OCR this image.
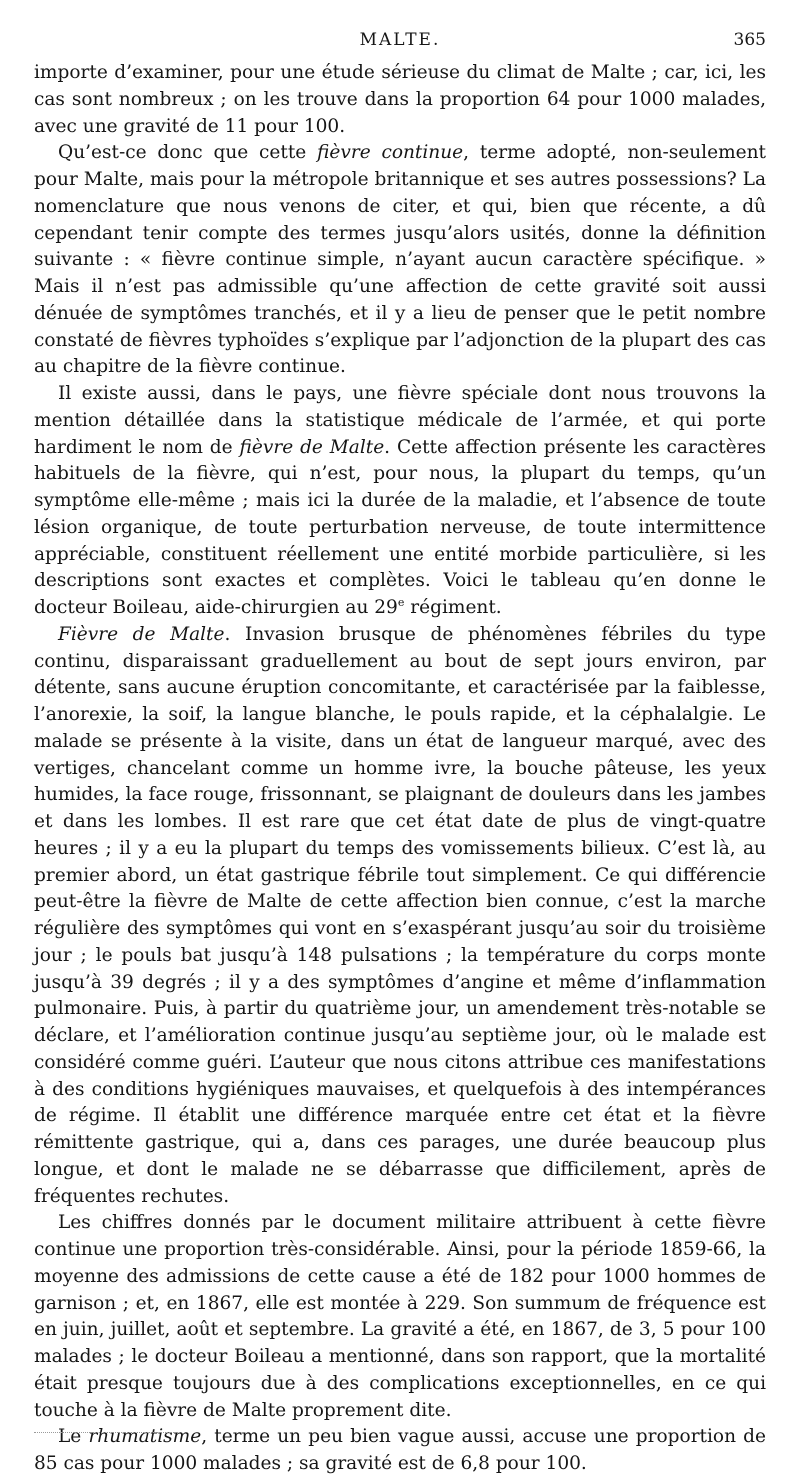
MALTE.	365

importe d’examiner, pour une étude sérieuse du climat de Malte ; car, ici, les cas sont nombreux ; on les trouve dans la proportion 64 pour 1000 malades, avec une gravité de 11 pour 100.

Qu’est-ce donc que cette fièvre continue, terme adopté, non-seulement pour Malte, mais pour la métropole britannique et ses autres possessions? La nomenclature que nous venons de citer, et qui, bien que récente, a dû cependant tenir compte des termes jusqu’alors usités, donne la définition suivante : « fièvre continue simple, n’ayant aucun caractère spécifique. » Mais il n’est pas admissible qu’une affection de cette gravité soit aussi dénuée de symptômes tranchés, et il y a lieu de penser que le petit nombre constaté de fièvres typhoïdes s’explique par l’adjonction de la plupart des cas au chapitre de la fièvre continue.

Il existe aussi, dans le pays, une fièvre spéciale dont nous trouvons la mention détaillée dans la statistique médicale de l’armée, et qui porte hardiment le nom de fièvre de Malte. Cette affection présente les caractères habituels de la fièvre, qui n’est, pour nous, la plupart du temps, qu’un symptôme elle-même ; mais ici la durée de la maladie, et l’absence de toute lésion organique, de toute perturbation nerveuse, de toute intermittence appréciable, constituent réellement une entité morbide particulière, si les descriptions sont exactes et complètes. Voici le tableau qu’en donne le docteur Boileau, aide-chirurgien au 29e régiment.

Fièvre de Malte. Invasion brusque de phénomènes fébriles du type continu, disparaissant graduellement au bout de sept jours environ, par détente, sans aucune éruption concomitante, et caractérisée par la faiblesse, l’anorexie, la soif, la langue blanche, le pouls rapide, et la céphalalgie. Le malade se présente à la visite, dans un état de langueur marqué, avec des vertiges, chancelant comme un homme ivre, la bouche pâteuse, les yeux humides, la face rouge, frissonnant, se plaignant de douleurs dans les jambes et dans les lombes. Il est rare que cet état date de plus de vingt-quatre heures ; il y a eu la plupart du temps des vomissements bilieux. C’est là, au premier abord, un état gastrique fébrile tout simplement. Ce qui différencie peut-être la fièvre de Malte de cette affection bien connue, c’est la marche régulière des symptômes qui vont en s’exaspérant jusqu’au soir du troisième jour ; le pouls bat jusqu’à 148 pulsations ; la température du corps monte jusqu’à 39 degrés ; il y a des symptômes d’angine et même d’inflammation pulmonaire. Puis, à partir du quatrième jour, un amendement très-notable se déclare, et l’amélioration continue jusqu’au septième jour, où le malade est considéré comme guéri. L’auteur que nous citons attribue ces manifestations à des conditions hygiéniques mauvaises, et quelquefois à des intempérances de régime. Il établit une différence marquée entre cet état et la fièvre rémittente gastrique, qui a, dans ces parages, une durée beaucoup plus longue, et dont le malade ne se débarrasse que difficilement, après de fréquentes rechutes.

Les chiffres donnés par le document militaire attribuent à cette fièvre continue une proportion très-considérable. Ainsi, pour la période 1859-66, la moyenne des admissions de cette cause a été de 182 pour 1000 hommes de garnison ; et, en 1867, elle est montée à 229. Son summum de fréquence est en juin, juillet, août et septembre. La gravité a été, en 1867, de 3, 5 pour 100 malades ; le docteur Boileau a mentionné, dans son rapport, que la mortalité était presque toujours due à des complications exceptionnelles, en ce qui touche à la fièvre de Malte proprement dite.

Le rhumatisme, terme un peu bien vague aussi, accuse une proportion de 85 cas pour 1000 malades ; sa gravité est de 6,8 pour 100.
